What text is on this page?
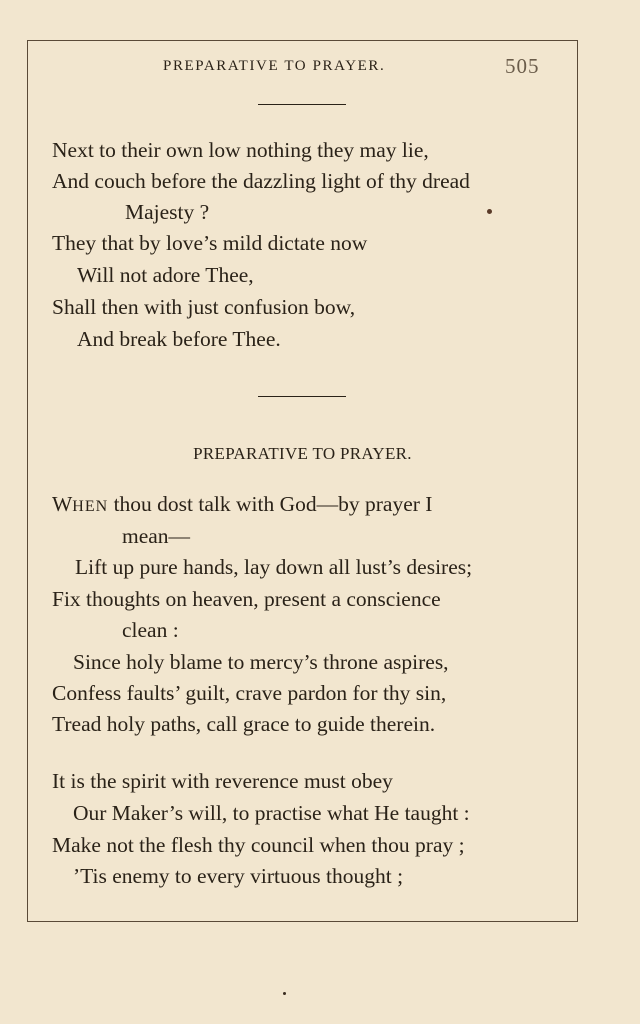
PREPARATIVE TO PRAYER.	505
Next to their own low nothing they may lie,
And couch before the dazzling light of thy dread
Majesty ?
They that by love’s mild dictate now
Will not adore Thee,
Shall then with just confusion bow,
And break before Thee.
PREPARATIVE TO PRAYER.
WHEN thou dost talk with God—by prayer I
mean—
Lift up pure hands, lay down all lust’s desires;
Fix thoughts on heaven, present a conscience
clean :
Since holy blame to mercy’s throne aspires,
Confess faults’ guilt, crave pardon for thy sin,
Tread holy paths, call grace to guide therein.
It is the spirit with reverence must obey
Our Maker’s will, to practise what He taught :
Make not the flesh thy council when thou pray ;
’Tis enemy to every virtuous thought ;
